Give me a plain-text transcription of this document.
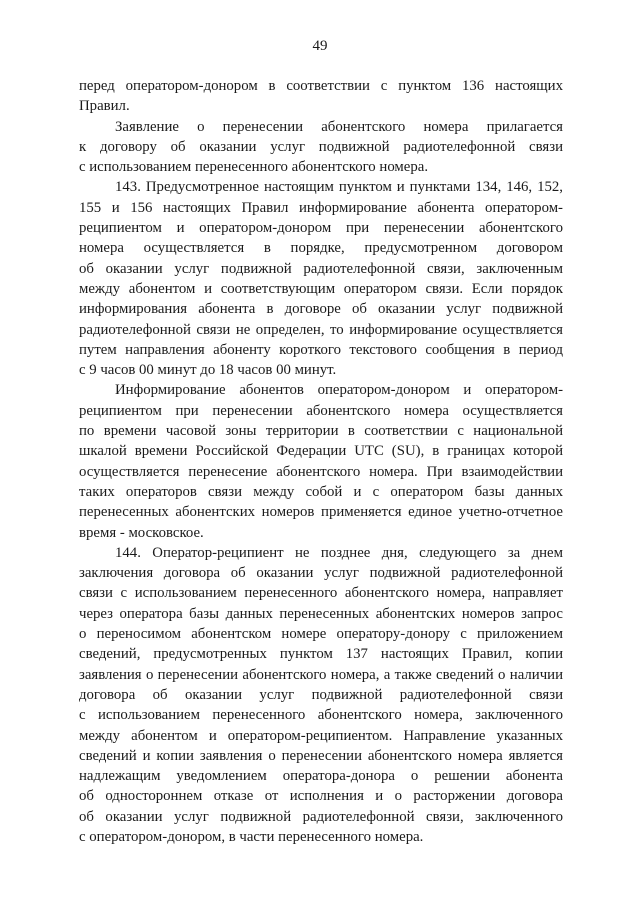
49
перед оператором-донором в соответствии с пунктом 136 настоящих
Правил.
Заявление о перенесении абонентского номера прилагается
к договору об оказании услуг подвижной радиотелефонной связи
с использованием перенесенного абонентского номера.
143. Предусмотренное настоящим пунктом и пунктами 134, 146, 152,
155 и 156 настоящих Правил информирование абонента оператором-
реципиентом и оператором-донором при перенесении абонентского
номера осуществляется в порядке, предусмотренном договором
об оказании услуг подвижной радиотелефонной связи, заключенным
между абонентом и соответствующим оператором связи. Если порядок
информирования абонента в договоре об оказании услуг подвижной
радиотелефонной связи не определен, то информирование осуществляется
путем направления абоненту короткого текстового сообщения в период
с 9 часов 00 минут до 18 часов 00 минут.
Информирование абонентов оператором-донором и оператором-
реципиентом при перенесении абонентского номера осуществляется
по времени часовой зоны территории в соответствии с национальной
шкалой времени Российской Федерации UTC (SU), в границах которой
осуществляется перенесение абонентского номера. При взаимодействии
таких операторов связи между собой и с оператором базы данных
перенесенных абонентских номеров применяется единое учетно-отчетное
время - московское.
144. Оператор-реципиент не позднее дня, следующего за днем
заключения договора об оказании услуг подвижной радиотелефонной
связи с использованием перенесенного абонентского номера, направляет
через оператора базы данных перенесенных абонентских номеров запрос
о переносимом абонентском номере оператору-донору с приложением
сведений, предусмотренных пунктом 137 настоящих Правил, копии
заявления о перенесении абонентского номера, а также сведений о наличии
договора об оказании услуг подвижной радиотелефонной связи
с использованием перенесенного абонентского номера, заключенного
между абонентом и оператором-реципиентом. Направление указанных
сведений и копии заявления о перенесении абонентского номера является
надлежащим уведомлением оператора-донора о решении абонента
об одностороннем отказе от исполнения и о расторжении договора
об оказании услуг подвижной радиотелефонной связи, заключенного
с оператором-донором, в части перенесенного номера.
